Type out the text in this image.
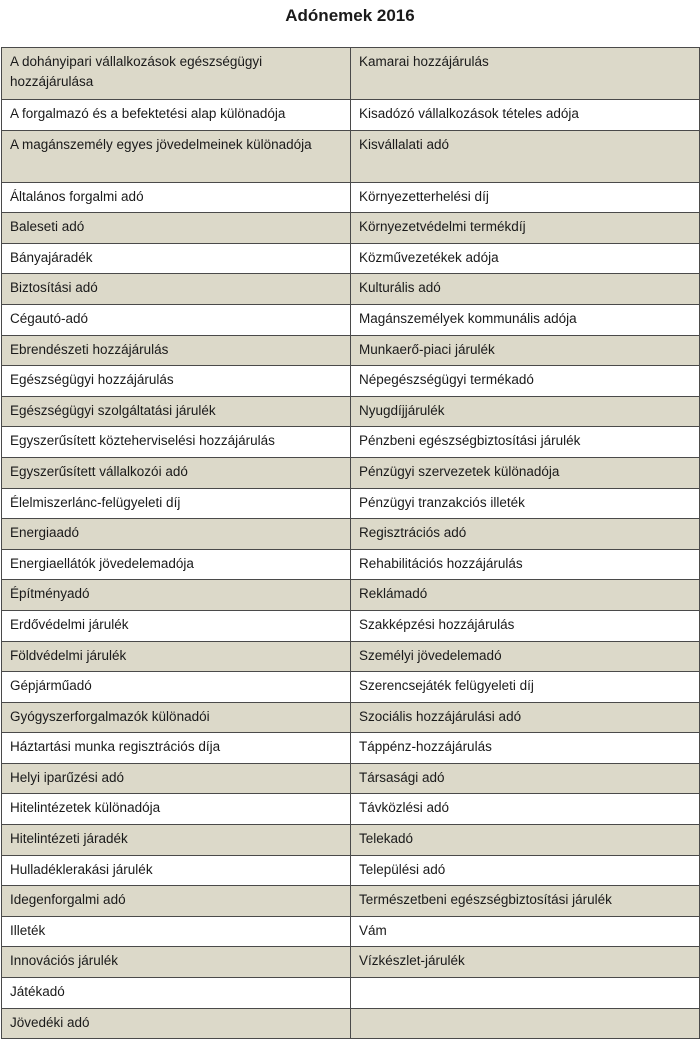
Adónemek 2016
A dohányipari vállalkozások egészségügyi hozzájárulása	Kamarai hozzájárulás
A forgalmazó és a befektetési alap különadója	Kisadózó vállalkozások tételes adója
A magánszemély egyes jövedelmeinek különadója	Kisvállalati adó
Általános forgalmi adó	Környezetterhelési díj
Baleseti adó	Környezetvédelmi termékdíj
Bányajáradék	Közművezetékek adója
Biztosítási adó	Kulturális adó
Cégautó-adó	Magánszemélyek kommunális adója
Ebrendészeti hozzájárulás	Munkaerő-piaci járulék
Egészségügyi hozzájárulás	Népegészségügyi termékadó
Egészségügyi szolgáltatási járulék	Nyugdíjjárulék
Egyszerűsített közteherviselési hozzájárulás	Pénzbeni egészségbiztosítási járulék
Egyszerűsített vállalkozói adó	Pénzügyi szervezetek különadója
Élelmiszerlánc-felügyeleti díj	Pénzügyi tranzakciós illeték
Energiaadó	Regisztrációs adó
Energiaellátók jövedelemadója	Rehabilitációs hozzájárulás
Építményadó	Reklámadó
Erdővédelmi járulék	Szakképzési hozzájárulás
Földvédelmi járulék	Személyi jövedelemadó
Gépjárműadó	Szerencsejáték felügyeleti díj
Gyógyszerforgalmazók különadói	Szociális hozzájárulási adó
Háztartási munka regisztrációs díja	Táppénz-hozzájárulás
Helyi iparűzési adó	Társasági adó
Hitelintézetek különadója	Távközlési adó
Hitelintézeti járadék	Telekadó
Hulladéklerakási járulék	Települési adó
Idegenforgalmi adó	Természetbeni egészségbiztosítási járulék
Illeték	Vám
Innovációs járulék	Vízkészlet-járulék
Játékadó	
Jövedéki adó	
